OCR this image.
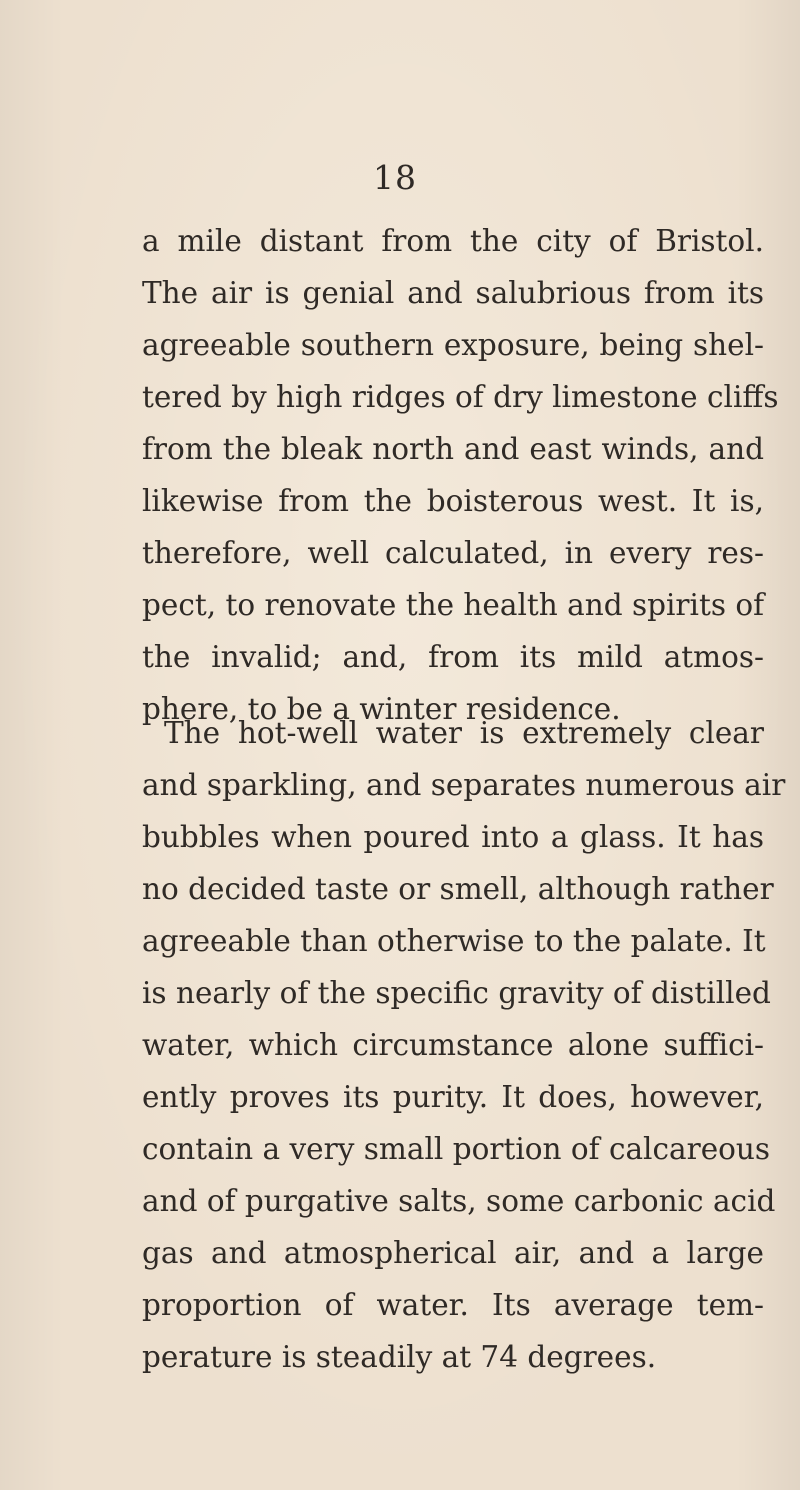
18
a mile distant from the city of Bristol.
The air is genial and salubrious from its
agreeable southern exposure, being shel-
tered by high ridges of dry limestone cliffs
from the bleak north and east winds, and
likewise from the boisterous west. It is,
therefore, well calculated, in every res-
pect, to renovate the health and spirits of
the invalid; and, from its mild atmos-
phere, to be a winter residence.
The hot-well water is extremely clear
and sparkling, and separates numerous air
bubbles when poured into a glass. It has
no decided taste or smell, although rather
agreeable than otherwise to the palate. It
is nearly of the specific gravity of distilled
water, which circumstance alone suffici-
ently proves its purity. It does, however,
contain a very small portion of calcareous
and of purgative salts, some carbonic acid
gas and atmospherical air, and a large
proportion of water. Its average tem-
perature is steadily at 74 degrees.
